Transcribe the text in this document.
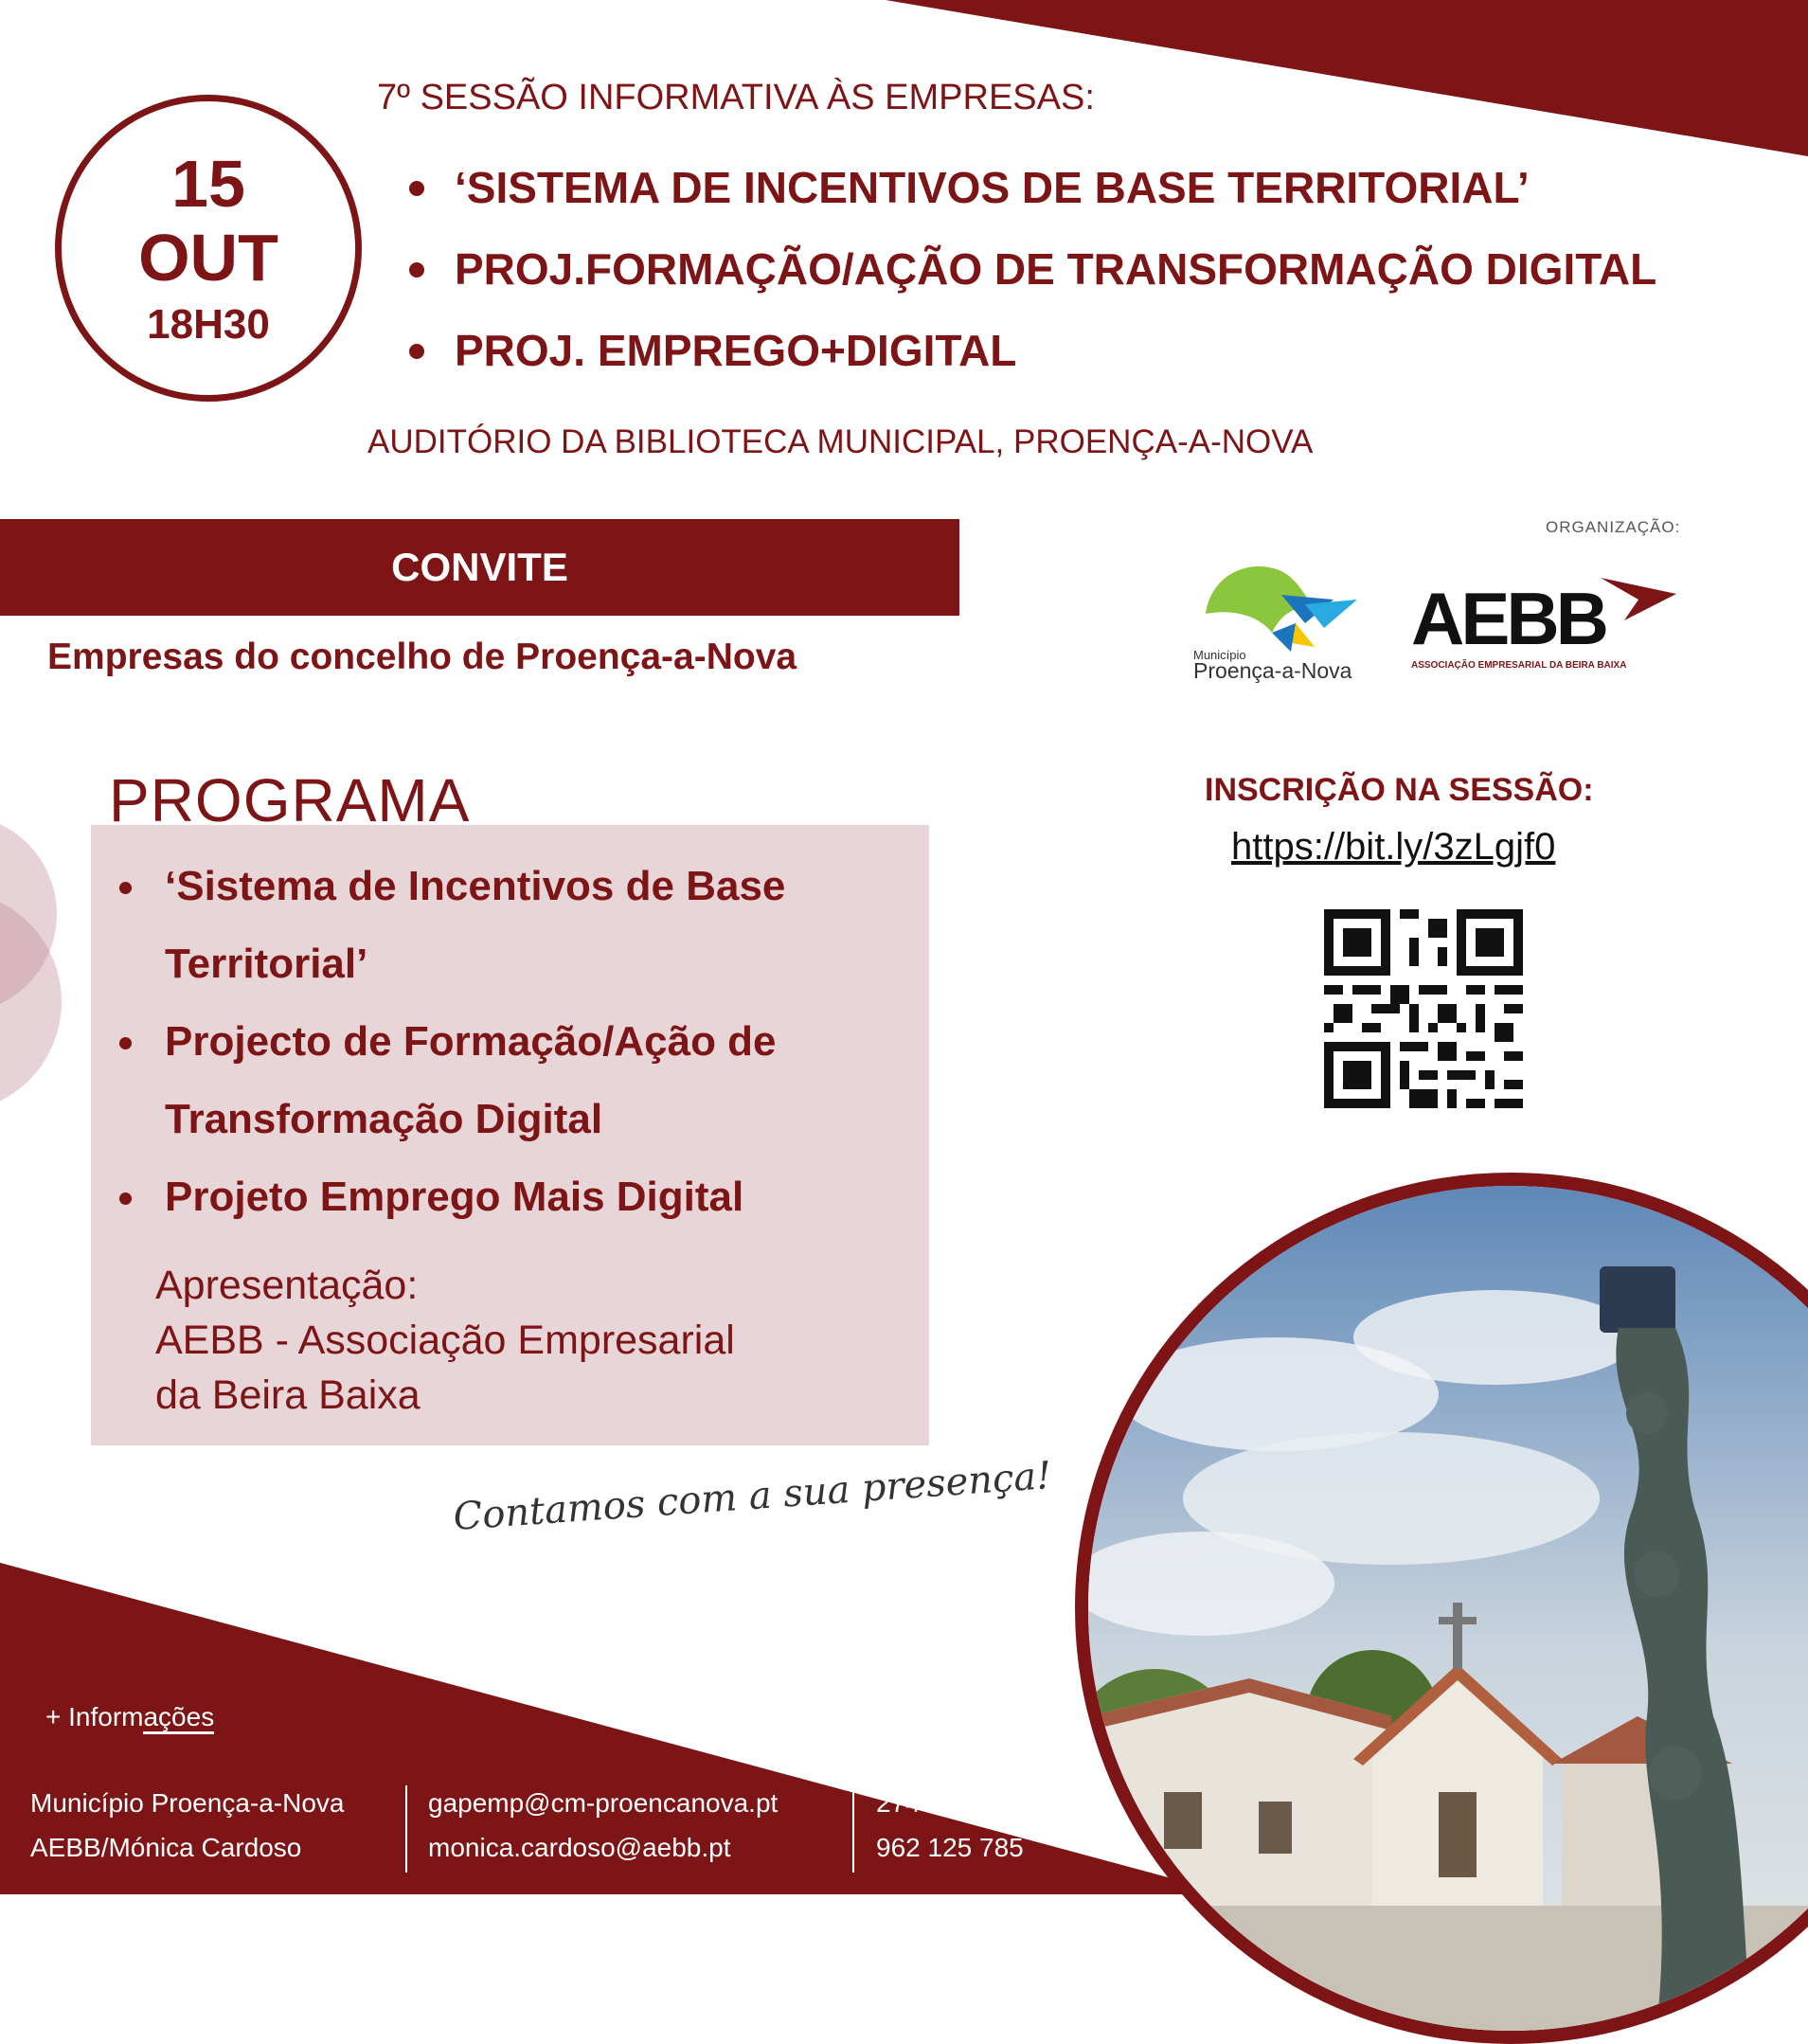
15
OUT
18H30
7º SESSÃO INFORMATIVA ÀS EMPRESAS:
‘SISTEMA DE INCENTIVOS DE BASE TERRITORIAL’
PROJ.FORMAÇÃO/AÇÃO DE TRANSFORMAÇÃO DIGITAL
PROJ. EMPREGO+DIGITAL
AUDITÓRIO DA BIBLIOTECA MUNICIPAL, PROENÇA-A-NOVA
CONVITE
Empresas do concelho de Proença-a-Nova
ORGANIZAÇÃO:
Município
Proença-a-Nova
AEBB
ASSOCIAÇÃO EMPRESARIAL DA BEIRA BAIXA
INSCRIÇÃO NA SESSÃO:
https://bit.ly/3zLgjf0
PROGRAMA
‘Sistema de Incentivos de Base Territorial’
Projecto de Formação/Ação de Transformação Digital
Projeto Emprego Mais Digital
Apresentação:
AEBB - Associação Empresarial
da Beira Baixa
Contamos com a sua presença!
+ Informações
Município Proença-a-Nova
AEBB/Mónica Cardoso
gapemp@cm-proencanova.pt
monica.cardoso@aebb.pt
274 670 000
962 125 785
